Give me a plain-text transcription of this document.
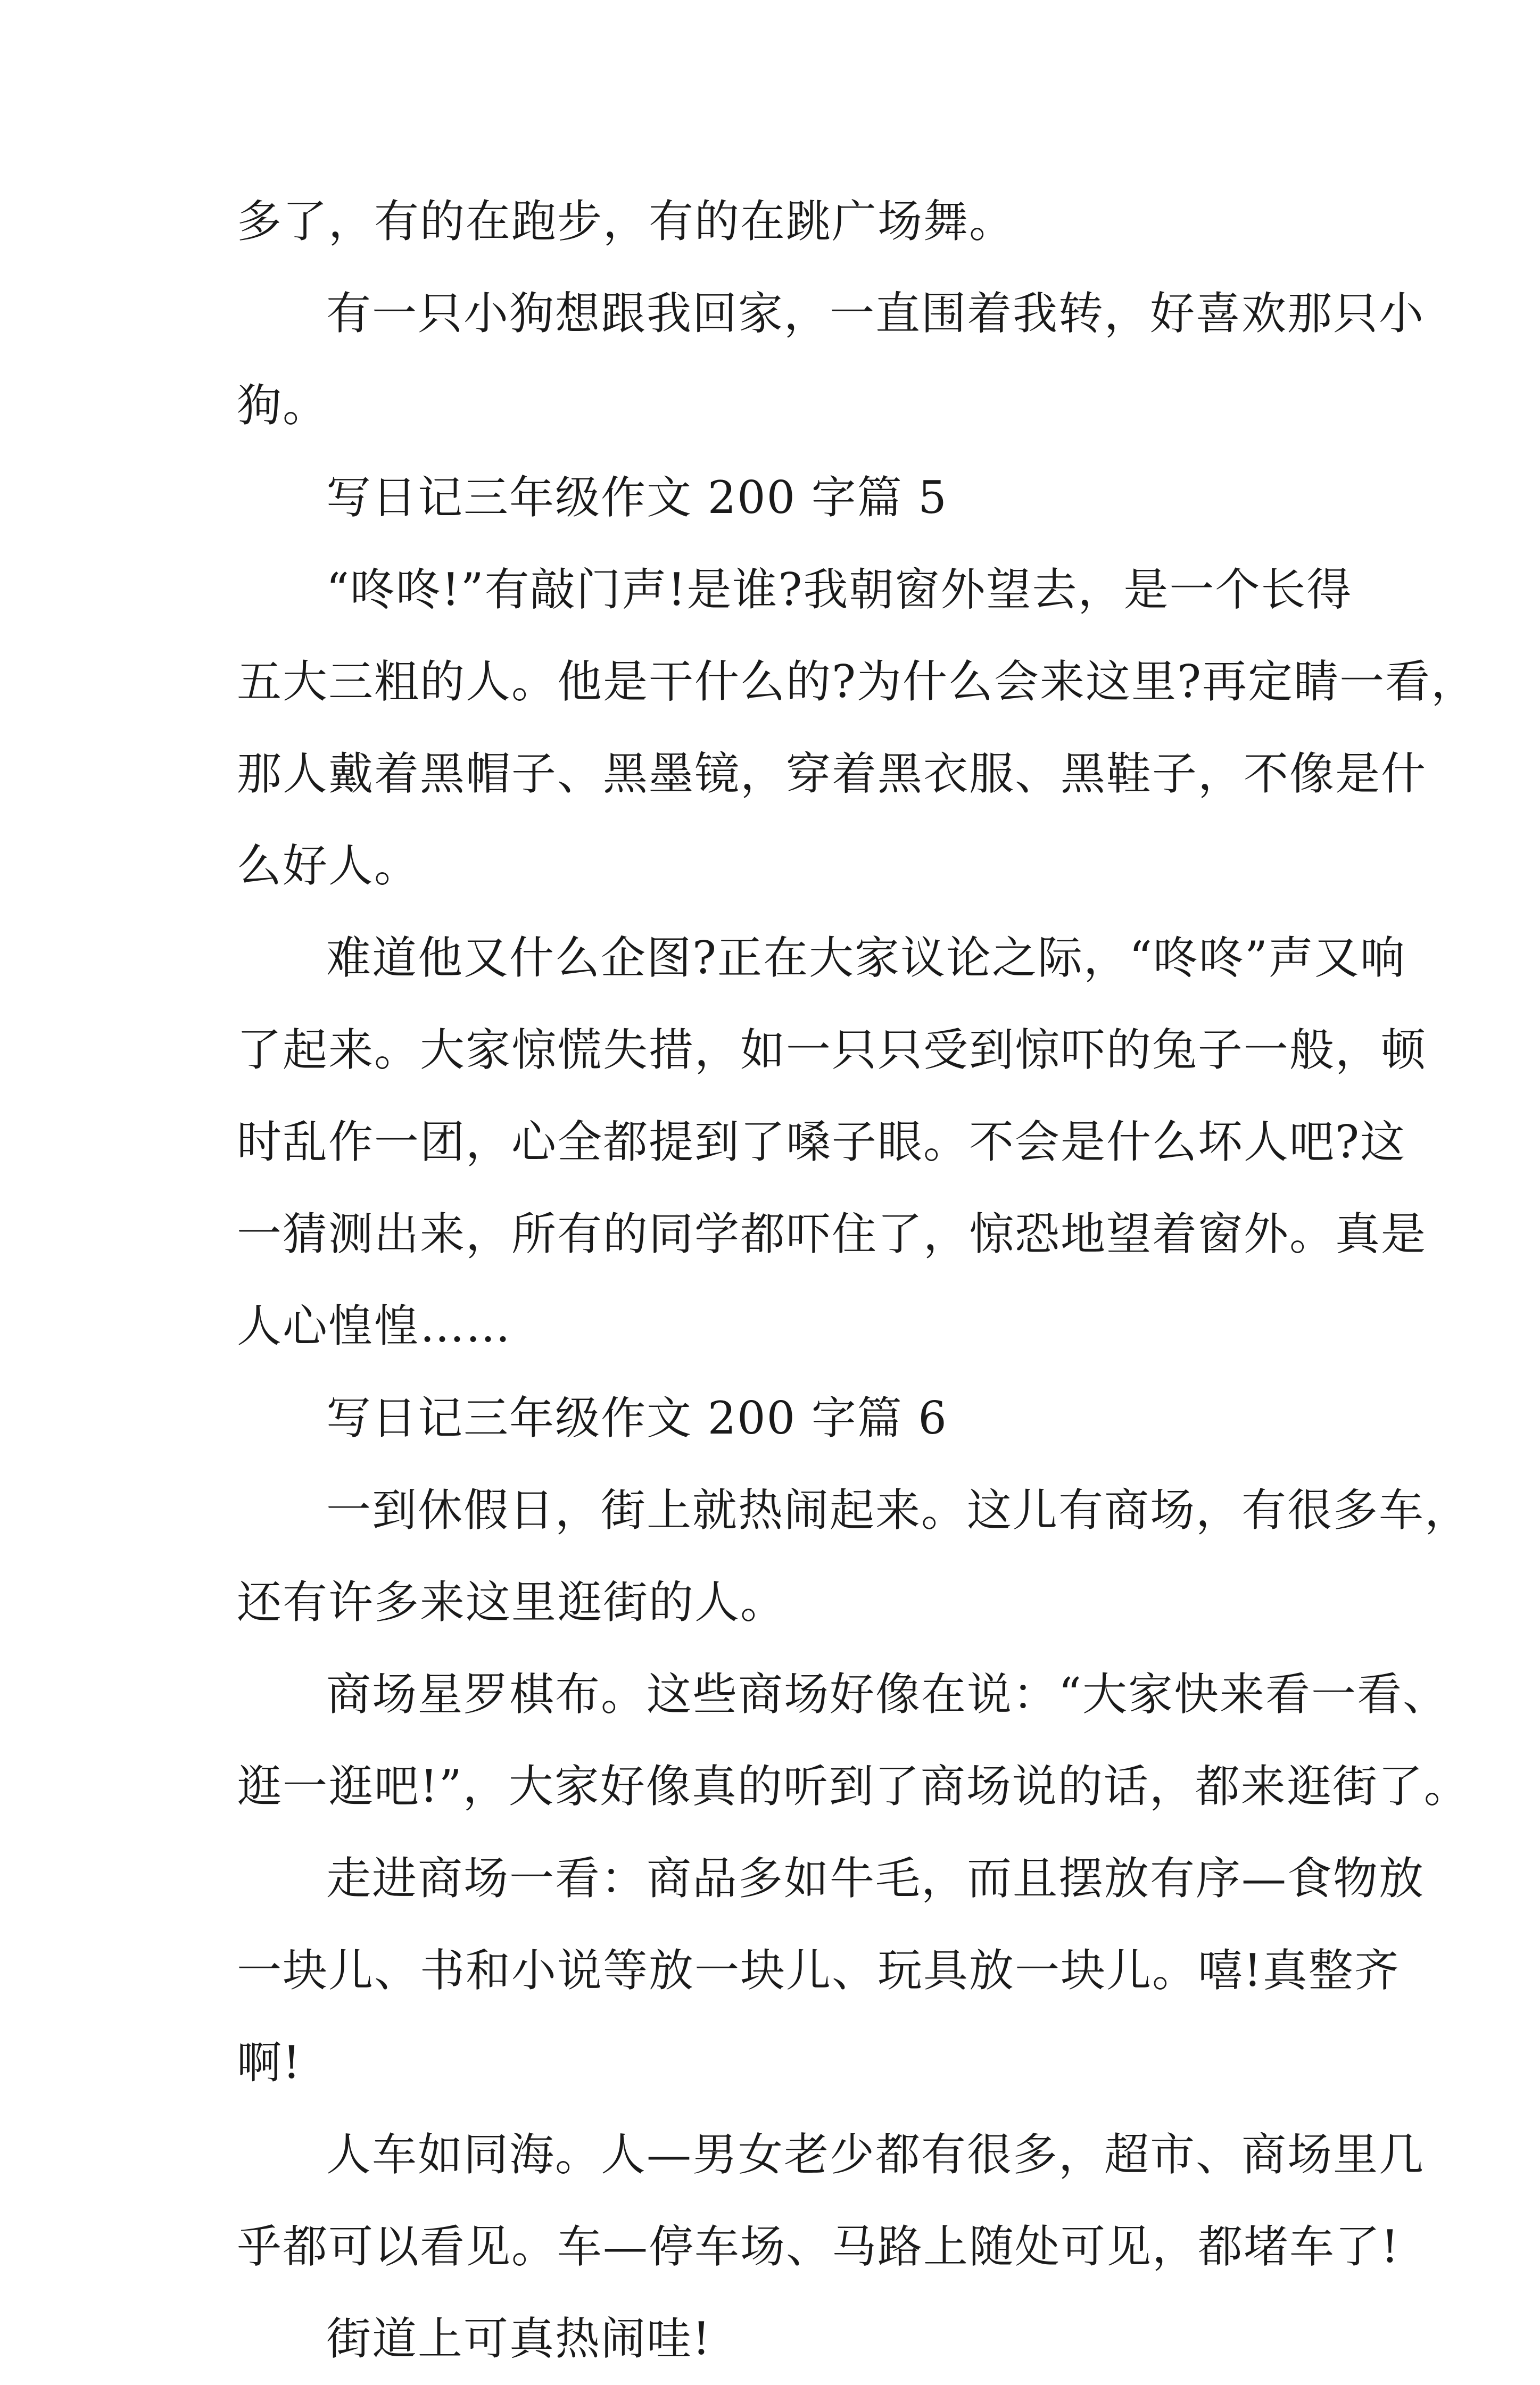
多了，有的在跑步，有的在跳广场舞。
有一只小狗想跟我回家，一直围着我转，好喜欢那只小
狗。
写日记三年级作文 200 字篇 5
“咚咚!”有敲门声!是谁?我朝窗外望去，是一个长得
五大三粗的人。他是干什么的?为什么会来这里?再定睛一看，
那人戴着黑帽子、黑墨镜，穿着黑衣服、黑鞋子，不像是什
么好人。
难道他又什么企图?正在大家议论之际，“咚咚”声又响
了起来。大家惊慌失措，如一只只受到惊吓的兔子一般，顿
时乱作一团，心全都提到了嗓子眼。不会是什么坏人吧?这
一猜测出来，所有的同学都吓住了，惊恐地望着窗外。真是
人心惶惶……
写日记三年级作文 200 字篇 6
一到休假日，街上就热闹起来。这儿有商场，有很多车，
还有许多来这里逛街的人。
商场星罗棋布。这些商场好像在说：“大家快来看一看、
逛一逛吧!”，大家好像真的听到了商场说的话，都来逛街了。
走进商场一看：商品多如牛毛，而且摆放有序—食物放
一块儿、书和小说等放一块儿、玩具放一块儿。嘻!真整齐
啊!
人车如同海。人—男女老少都有很多，超市、商场里几
乎都可以看见。车—停车场、马路上随处可见，都堵车了!
街道上可真热闹哇!
